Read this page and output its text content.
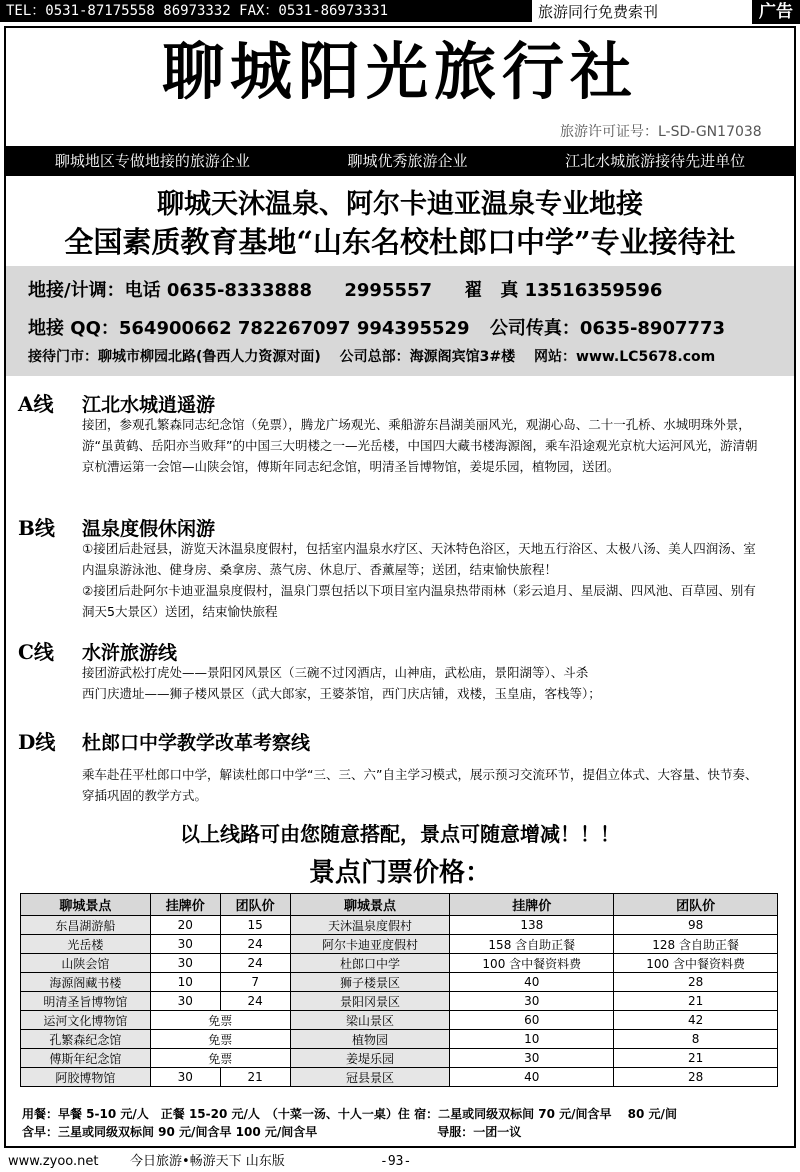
TEL：0531-87175558 86973332 FAX：0531-86973331	旅游同行免费索刊	广告
聊城阳光旅行社
旅游许可证号：L-SD-GN17038
聊城地区专做地接的旅游企业	聊城优秀旅游企业	江北水城旅游接待先进单位
聊城天沐温泉、阿尔卡迪亚温泉专业地接
全国素质教育基地“山东名校杜郎口中学”专业接待社
地接/计调：电话 0635-8333888 2995557 翟　真 13516359596
地接 QQ：564900662 782267097 994395529 公司传真：0635-8907773
接待门市：聊城市柳园北路(鲁西人力资源对面) 公司总部：海源阁宾馆3#楼 网站：www.LC5678.com
A线 江北水城逍遥游
接团，参观孔繁森同志纪念馆（免票），腾龙广场观光、乘船游东昌湖美丽风光，观湖心岛、二十一孔桥、水城明珠外景，游“虽黄鹤、岳阳亦当败拜”的中国三大明楼之一—光岳楼，中国四大藏书楼海源阁，乘车沿途观光京杭大运河风光，游清朝京杭漕运第一会馆—山陕会馆，傅斯年同志纪念馆，明清圣旨博物馆，姜堤乐园，植物园，送团。
B线 温泉度假休闲游
①接团后赴冠县，游览天沐温泉度假村，包括室内温泉水疗区、天沐特色浴区，天地五行浴区、太极八汤、美人四润汤、室内温泉游泳池、健身房、桑拿房、蒸气房、休息厅、香薰屋等；送团，结束愉快旅程！
②接团后赴阿尔卡迪亚温泉度假村，温泉门票包括以下项目室内温泉热带雨林（彩云追月、星辰湖、四风池、百草园、别有洞天5大景区）送团，结束愉快旅程
C线 水浒旅游线
接团游武松打虎处——景阳冈风景区（三碗不过冈酒店，山神庙，武松庙，景阳湖等）、斗杀
西门庆遗址——狮子楼风景区（武大郎家，王婆茶馆，西门庆店铺，戏楼，玉皇庙，客栈等）；
D线 杜郎口中学教学改革考察线
乘车赴茌平杜郎口中学，解读杜郎口中学“三、三、六”自主学习模式，展示预习交流环节，提倡立体式、大容量、快节奏、穿插巩固的教学方式。
以上线路可由您随意搭配，景点可随意增减！！！
景点门票价格：
聊城景点	挂牌价	团队价	聊城景点	挂牌价	团队价
东昌湖游船	20	15	天沐温泉度假村	138	98
光岳楼	30	24	阿尔卡迪亚度假村	158 含自助正餐	128 含自助正餐
山陕会馆	30	24	杜郎口中学	100 含中餐资料费	100 含中餐资料费
海源阁藏书楼	10	7	狮子楼景区	40	28
明清圣旨博物馆	30	24	景阳冈景区	30	21
运河文化博物馆	免票		梁山景区	60	42
孔繁森纪念馆	免票		植物园	10	8
傅斯年纪念馆	免票		姜堤乐园	30	21
阿胶博物馆	30	21	冠县景区	40	28
用餐：早餐 5-10 元/人　正餐 15-20 元/人　（十菜一汤、十人一桌）住 宿：二星或同级双标间 70 元/间含早　 80 元/间
含早：三星或同级双标间 90 元/间含早 100 元/间含早　　　　　　　　　　导服：一团一议
www.zyoo.net 今日旅游•畅游天下 山东版	-93-
